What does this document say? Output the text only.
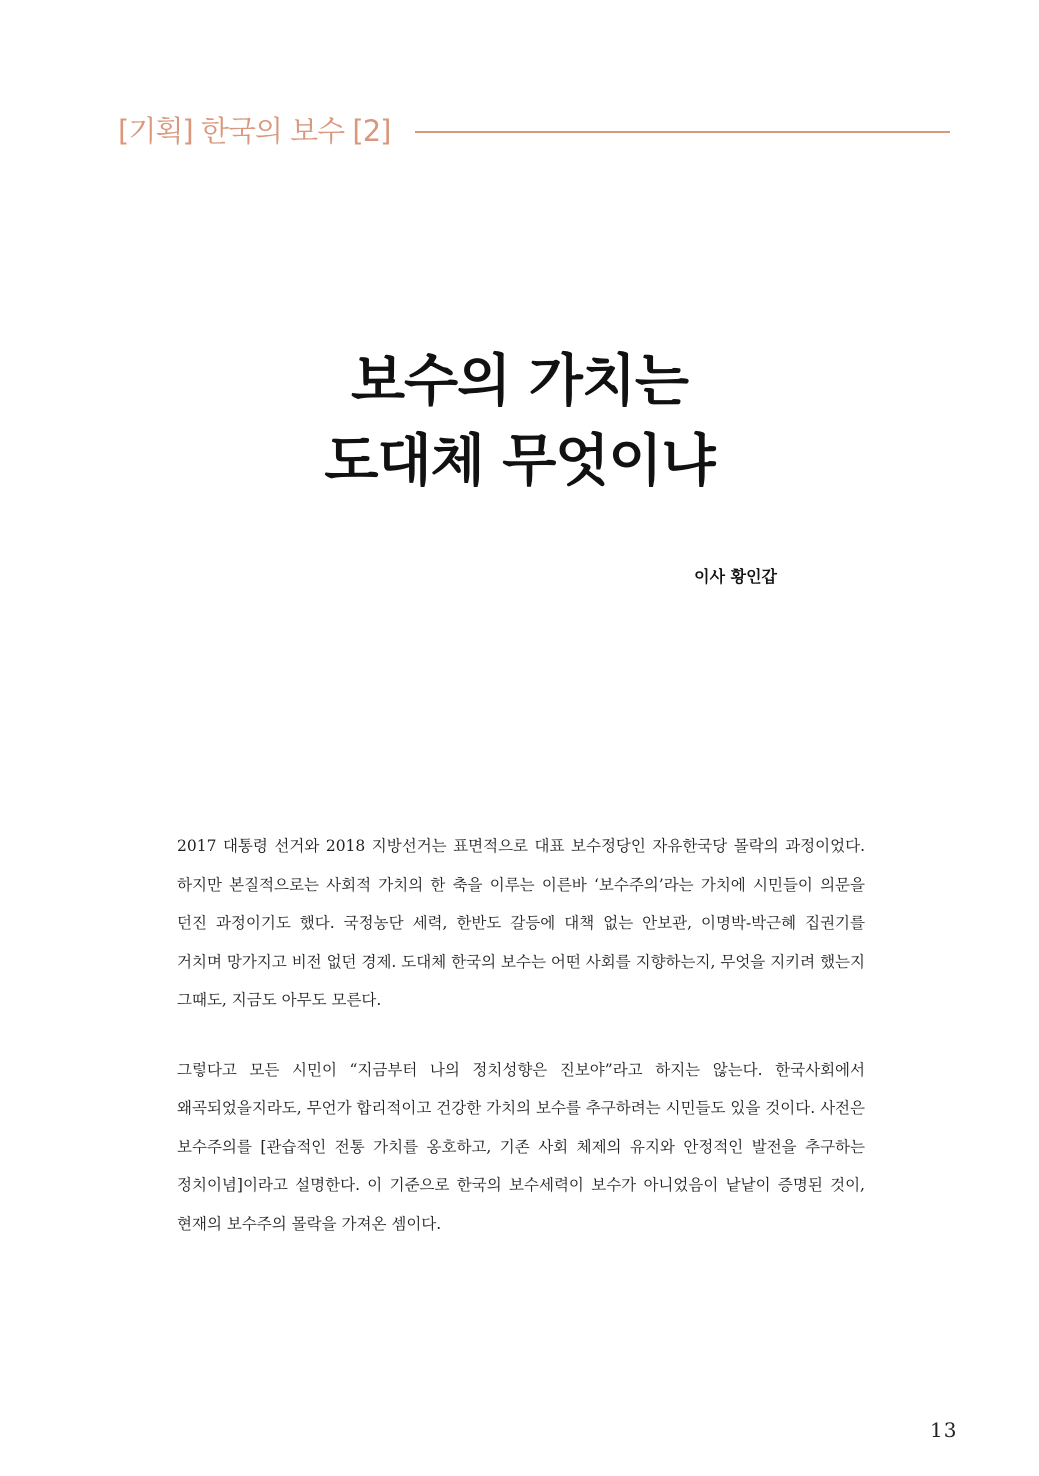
[기획] 한국의 보수 [2]
보수의 가치는
도대체 무엇이냐
이사 황인갑

2017 대통령 선거와 2018 지방선거는 표면적으로 대표 보수정당인 자유한국당 몰락의 과정이었다. 하지만 본질적으로는 사회적 가치의 한 축을 이루는 이른바 ‘보수주의’라는 가치에 시민들이 의문을 던진 과정이기도 했다. 국정농단 세력, 한반도 갈등에 대책 없는 안보관, 이명박-박근혜 집권기를 거치며 망가지고 비전 없던 경제. 도대체 한국의 보수는 어떤 사회를 지향하는지, 무엇을 지키려 했는지 그때도, 지금도 아무도 모른다.

그렇다고 모든 시민이 “지금부터 나의 정치성향은 진보야”라고 하지는 않는다. 한국사회에서 왜곡되었을지라도, 무언가 합리적이고 건강한 가치의 보수를 추구하려는 시민들도 있을 것이다. 사전은 보수주의를 [관습적인 전통 가치를 옹호하고, 기존 사회 체제의 유지와 안정적인 발전을 추구하는 정치이념]이라고 설명한다. 이 기준으로 한국의 보수세력이 보수가 아니었음이 낱낱이 증명된 것이, 현재의 보수주의 몰락을 가져온 셈이다.

13
